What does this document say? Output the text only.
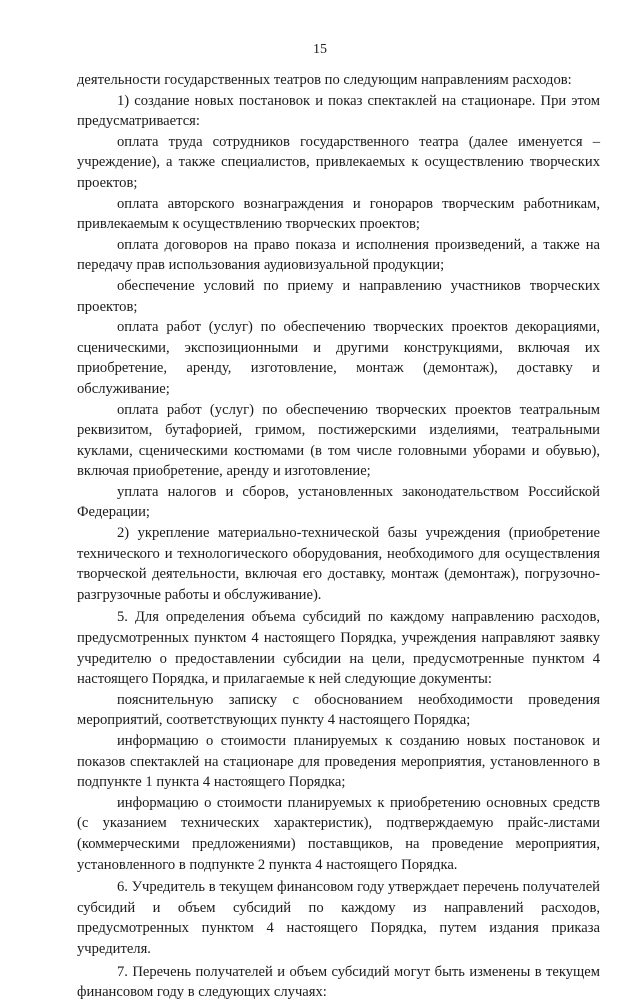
15

деятельности государственных театров по следующим направлениям расходов:

1) создание новых постановок и показ спектаклей на стационаре. При этом предусматривается:

оплата труда сотрудников государственного театра (далее именуется – учреждение), а также специалистов, привлекаемых к осуществлению творческих проектов;

оплата авторского вознаграждения и гонораров творческим работникам, привлекаемым к осуществлению творческих проектов;

оплата договоров на право показа и исполнения произведений, а также на передачу прав использования аудиовизуальной продукции;

обеспечение условий по приему и направлению участников творческих проектов;

оплата работ (услуг) по обеспечению творческих проектов декорациями, сценическими, экспозиционными и другими конструкциями, включая их приобретение, аренду, изготовление, монтаж (демонтаж), доставку и обслуживание;

оплата работ (услуг) по обеспечению творческих проектов театральным реквизитом, бутафорией, гримом, постижерскими изделиями, театральными куклами, сценическими костюмами (в том числе головными уборами и обувью), включая приобретение, аренду и изготовление;

уплата налогов и сборов, установленных законодательством Российской Федерации;

2) укрепление материально-технической базы учреждения (приобретение технического и технологического оборудования, необходимого для осуществления творческой деятельности, включая его доставку, монтаж (демонтаж), погрузочно-разгрузочные работы и обслуживание).

5. Для определения объема субсидий по каждому направлению расходов, предусмотренных пунктом 4 настоящего Порядка, учреждения направляют заявку учредителю о предоставлении субсидии на цели, предусмотренные пунктом 4 настоящего Порядка, и прилагаемые к ней следующие документы:

пояснительную записку с обоснованием необходимости проведения мероприятий, соответствующих пункту 4 настоящего Порядка;

информацию о стоимости планируемых к созданию новых постановок и показов спектаклей на стационаре для проведения мероприятия, установленного в подпункте 1 пункта 4 настоящего Порядка;

информацию о стоимости планируемых к приобретению основных средств (с указанием технических характеристик), подтверждаемую прайс-листами (коммерческими предложениями) поставщиков, на проведение мероприятия, установленного в подпункте 2 пункта 4 настоящего Порядка.

6. Учредитель в текущем финансовом году утверждает перечень получателей субсидий и объем субсидий по каждому из направлений расходов, предусмотренных пунктом 4 настоящего Порядка, путем издания приказа учредителя.

7. Перечень получателей и объем субсидий могут быть изменены в текущем финансовом году в следующих случаях:
